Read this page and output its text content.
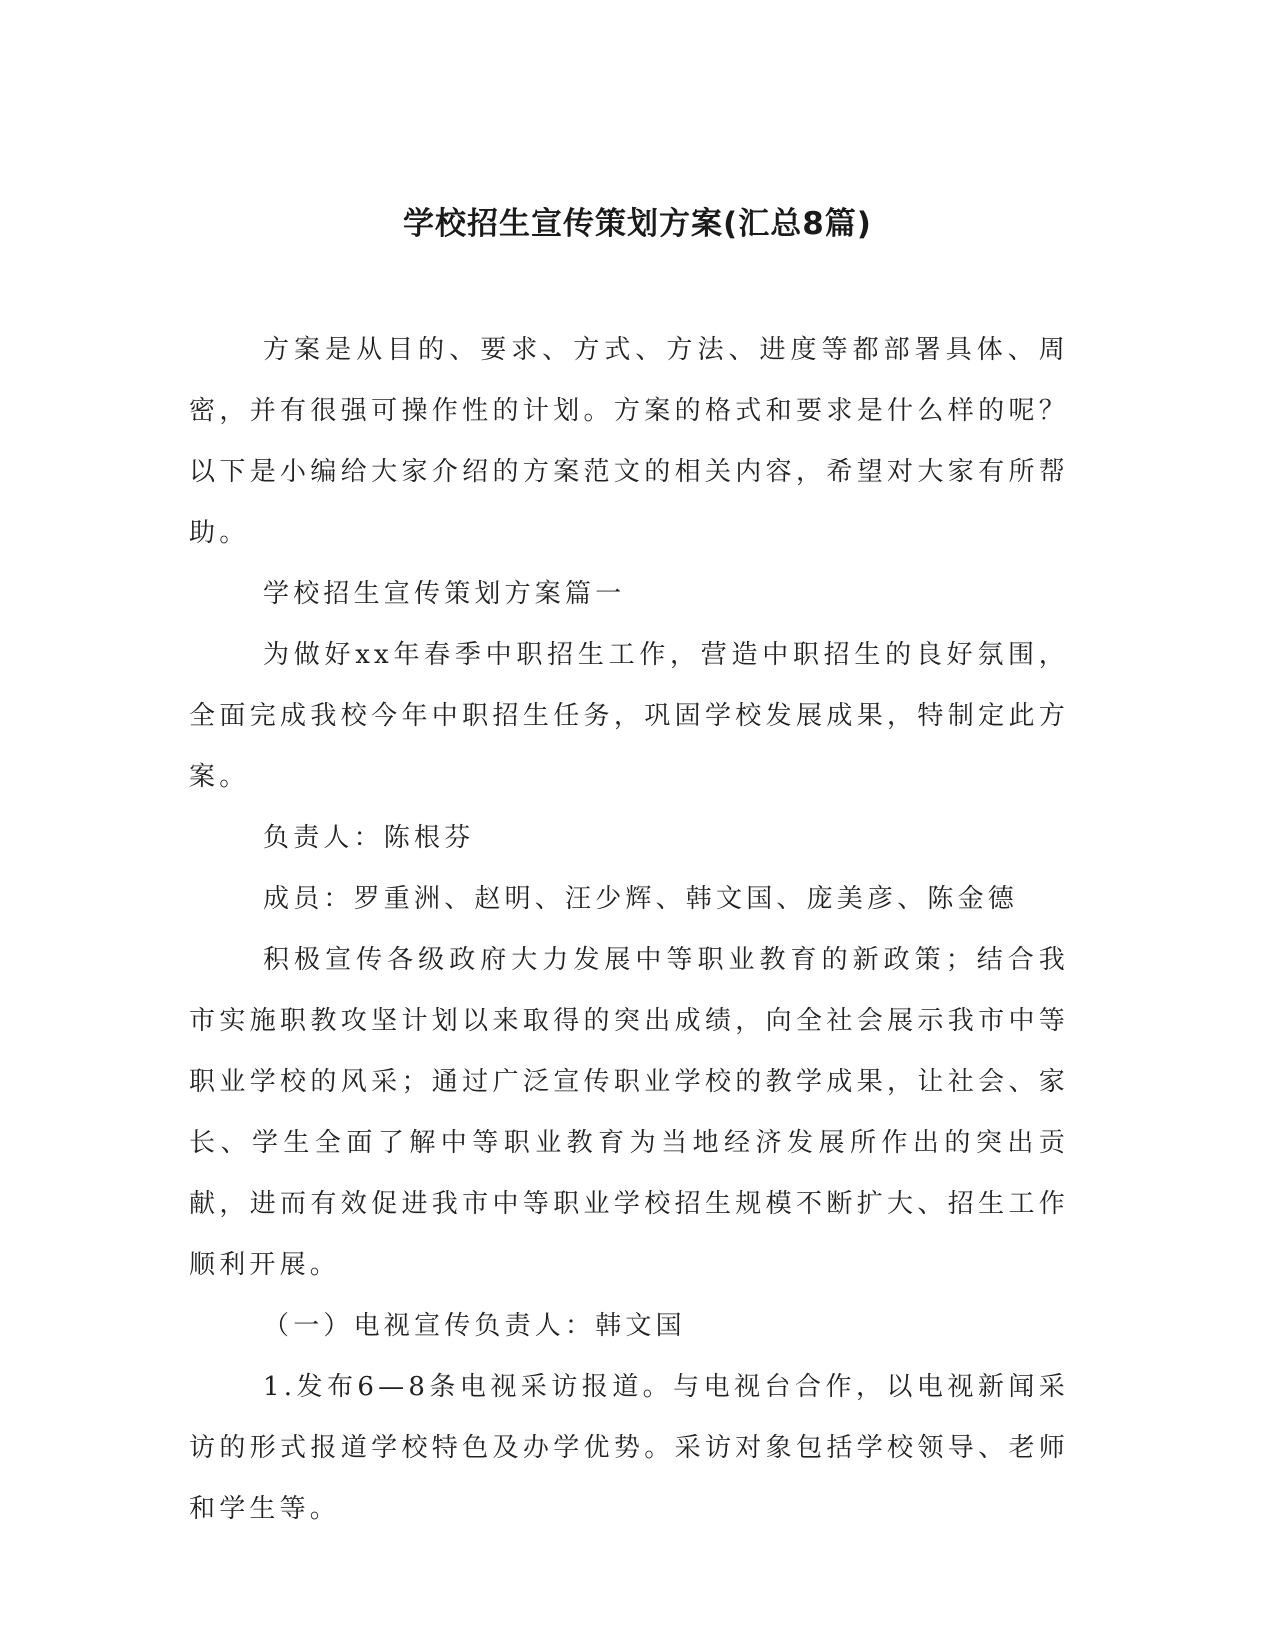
学校招生宣传策划方案(汇总8篇)

方案是从目的、要求、方式、方法、进度等都部署具体、周密，并有很强可操作性的计划。方案的格式和要求是什么样的呢？以下是小编给大家介绍的方案范文的相关内容，希望对大家有所帮助。

学校招生宣传策划方案篇一

为做好xx年春季中职招生工作，营造中职招生的良好氛围，全面完成我校今年中职招生任务，巩固学校发展成果，特制定此方案。

负责人：陈根芬

成员：罗重洲、赵明、汪少辉、韩文国、庞美彦、陈金德

积极宣传各级政府大力发展中等职业教育的新政策；结合我市实施职教攻坚计划以来取得的突出成绩，向全社会展示我市中等职业学校的风采；通过广泛宣传职业学校的教学成果，让社会、家长、学生全面了解中等职业教育为当地经济发展所作出的突出贡献，进而有效促进我市中等职业学校招生规模不断扩大、招生工作顺利开展。

（一）电视宣传负责人：韩文国

1.发布6—8条电视采访报道。与电视台合作，以电视新闻采访的形式报道学校特色及办学优势。采访对象包括学校领导、老师和学生等。
